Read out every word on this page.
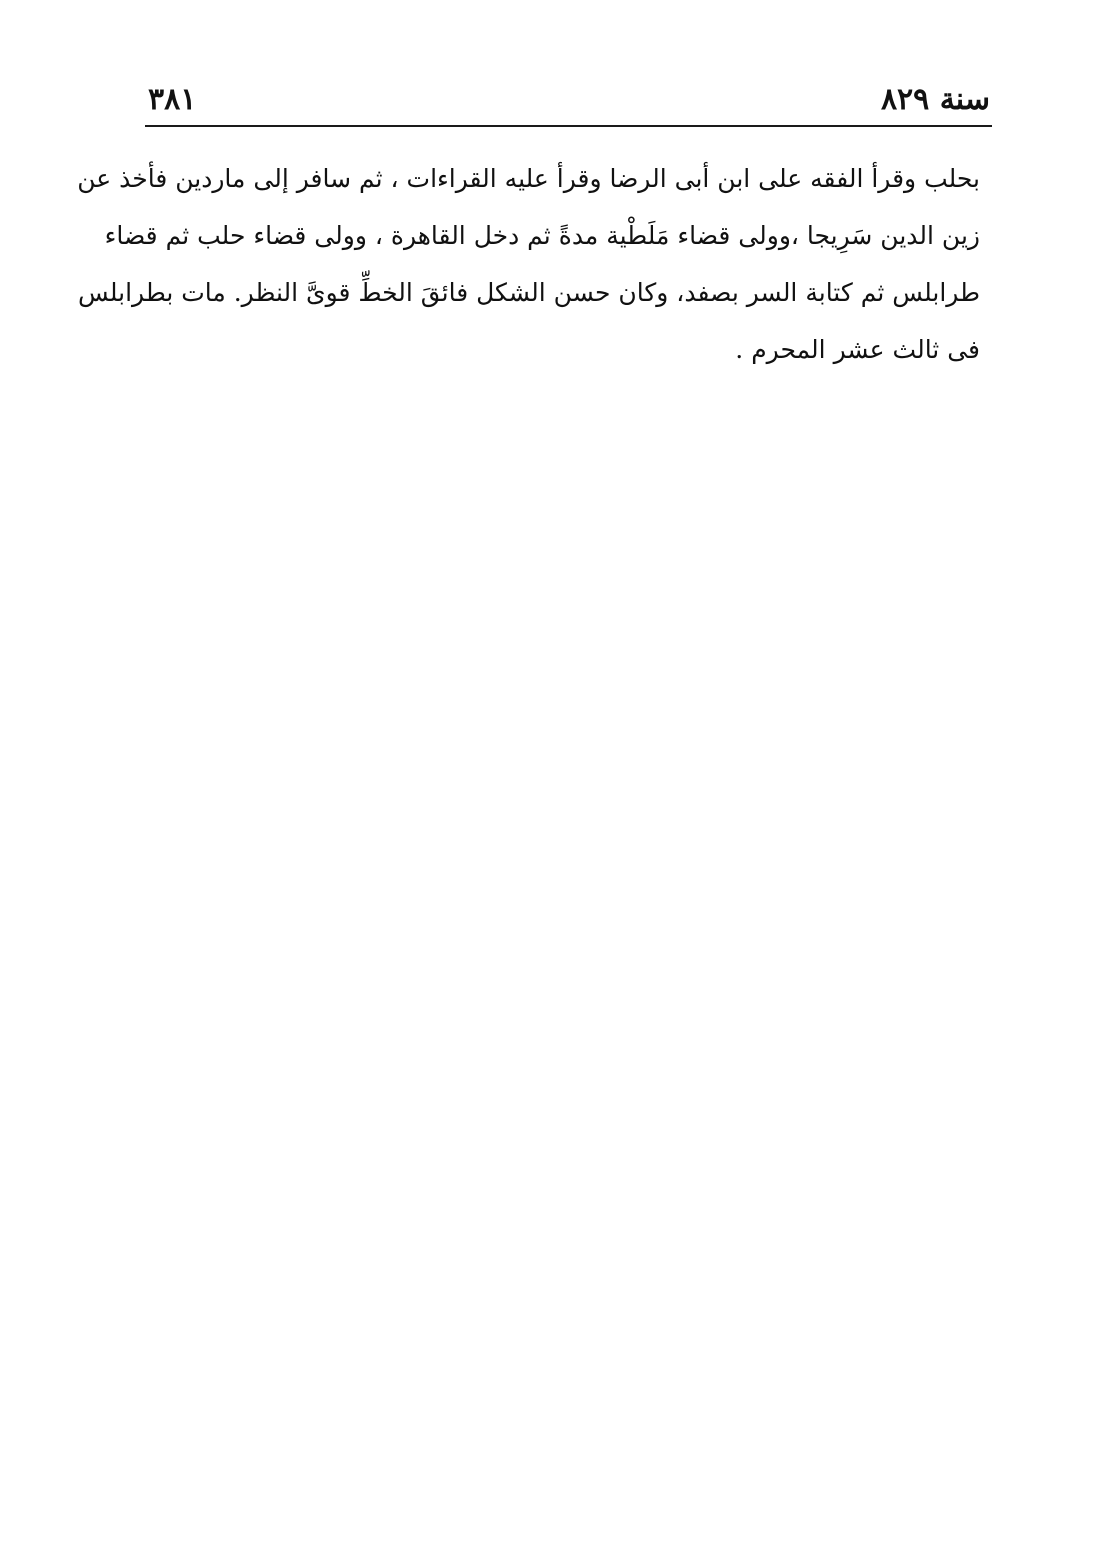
سنة ٨٢٩
٣٨١
بحلب وقرأ الفقه على ابن أبى الرضا وقرأ عليه القراءات ، ثم سافر إلى ماردين فأخذ عن
زين الدين سَرِيجا ،وولى قضاء مَلَطْية مدةً ثم دخل القاهرة ، وولى قضاء حلب ثم قضاء
طرابلس ثم كتابة السر بصفد، وكان حسن الشكل فائقَ الخطِّ قوىَّ النظر. مات بطرابلس
فى ثالث عشر المحرم .
